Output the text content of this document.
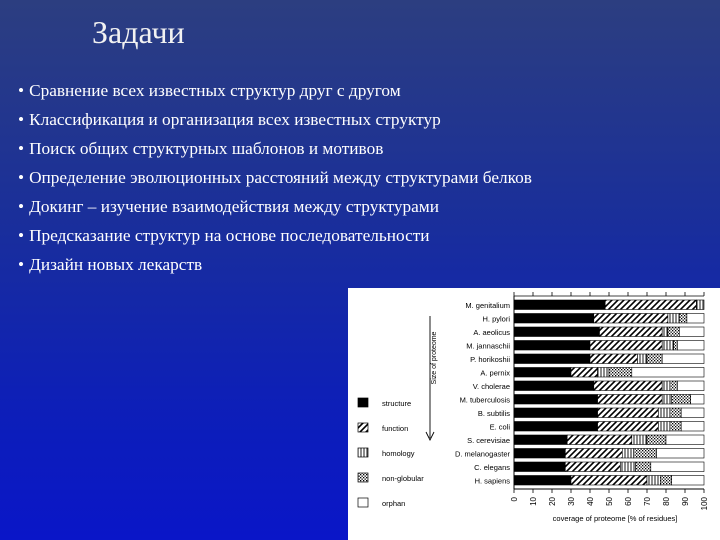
Задачи
• Сравнение всех известных структур друг с другом
• Классификация и организация всех известных структур
• Поиск общих структурных шаблонов и мотивов
• Определение эволюционных расстояний между структурами белков
• Докинг – изучение взаимодействия между структурами
• Предсказание структур на основе последовательности
• Дизайн новых лекарств
0 10 20 30 40 50 60 70 80 90 100
coverage of proteome [% of residues]
M. genitalium
H. pylori
A. aeolicus
M. jannaschii
P. horikoshii
A. pernix
V. cholerae
M. tuberculosis
B. subtilis
E. coli
S. cerevisiae
D. melanogaster
C. elegans
H. sapiens
Size of proteome
structure
function
homology
non-globular
orphan
